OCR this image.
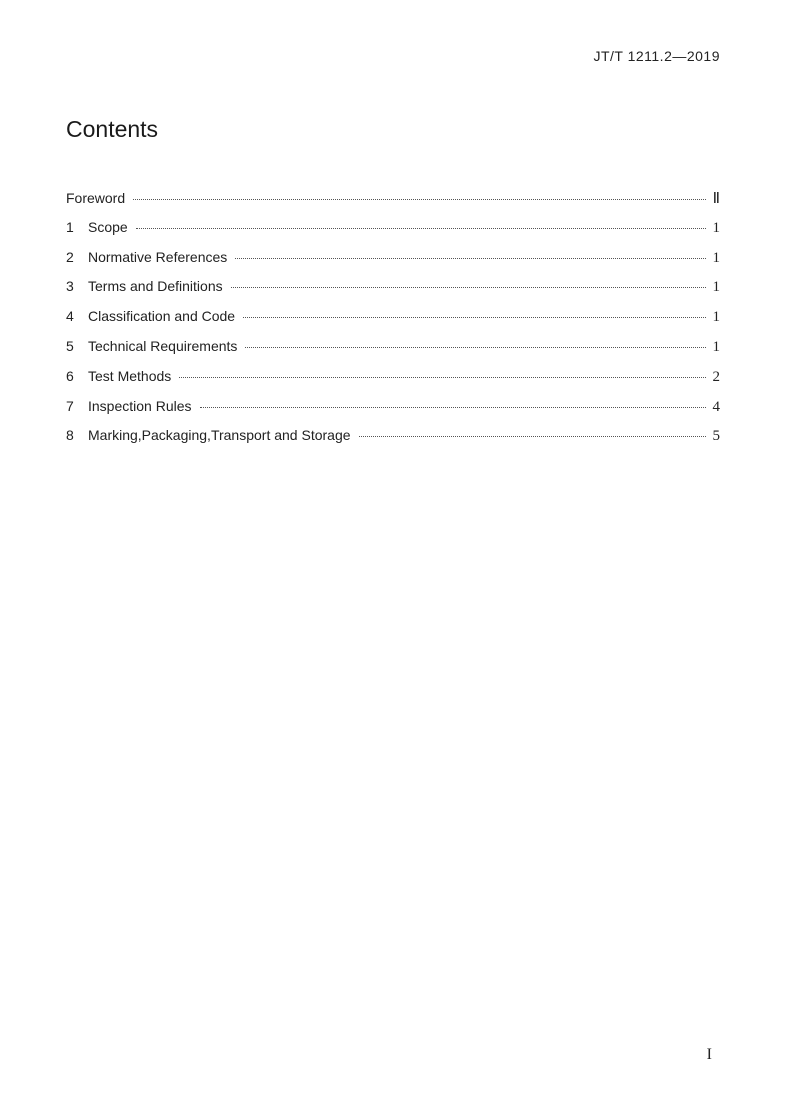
JT/T 1211.2—2019
Contents
Foreword	Ⅱ
1	Scope	1
2	Normative References	1
3	Terms and Definitions	1
4	Classification and Code	1
5	Technical Requirements	1
6	Test Methods	2
7	Inspection Rules	4
8	Marking,Packaging,Transport and Storage	5
I
